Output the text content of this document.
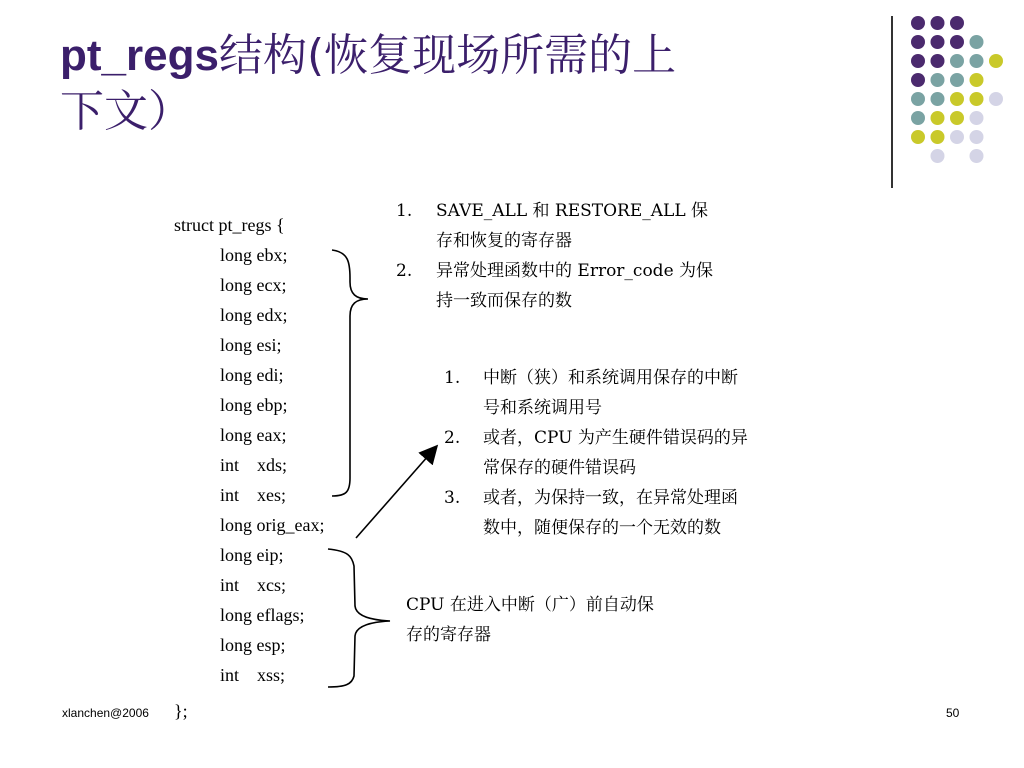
pt_regs结构(恢复现场所需的上
下文）
struct pt_regs {
long ebx;
long ecx;
long edx;
long esi;
long edi;
long ebp;
long eax;
int    xds;
int    xes;
long orig_eax;
long eip;
int    xcs;
long eflags;
long esp;
int    xss;
};
1.	SAVE_ALL 和 RESTORE_ALL 保
存和恢复的寄存器
2.	异常处理函数中的 Error_code 为保
持一致而保存的数
1.	中断（狭）和系统调用保存的中断
号和系统调用号
2.	或者，CPU 为产生硬件错误码的异
常保存的硬件错误码
3.	或者，为保持一致，在异常处理函
数中，随便保存的一个无效的数
CPU 在进入中断（广）前自动保
存的寄存器
xlanchen@2006	50
